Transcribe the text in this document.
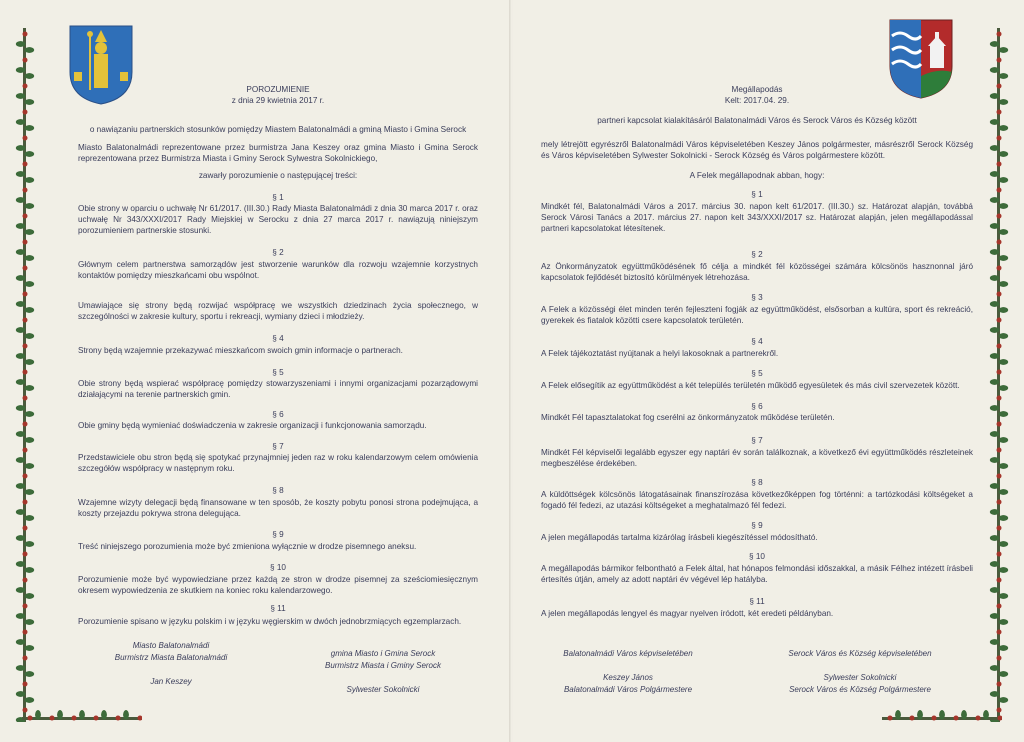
POROZUMIENIE

z dnia 29 kwietnia 2017 r.

o nawiązaniu partnerskich stosunków pomiędzy Miastem Balatonalmádi a gminą Miasto i Gmina Serock

Miasto Balatonalmádi reprezentowane przez burmistrza Jana Keszey oraz gmina Miasto i Gmina Serock reprezentowana przez Burmistrza Miasta i Gminy Serock Sylwestra Sokolnickiego,

zawarły porozumienie o następującej treści:

§ 1

Obie strony w oparciu o uchwałę Nr 61/2017. (III.30.) Rady Miasta Balatonalmádi z dnia 30 marca 2017 r. oraz uchwałę Nr 343/XXXI/2017 Rady Miejskiej w Serocku z dnia 27 marca 2017 r. nawiązują niniejszym porozumieniem partnerskie stosunki.

§ 2

Głównym celem partnerstwa samorządów jest stworzenie warunków dla rozwoju wzajemnie korzystnych kontaktów pomiędzy mieszkańcami obu wspólnot.

Umawiające się strony będą rozwijać współpracę we wszystkich dziedzinach życia społecznego, w szczególności w zakresie kultury, sportu i rekreacji, wymiany dzieci i młodzieży.

§ 4

Strony będą wzajemnie przekazywać mieszkańcom swoich gmin informacje o partnerach.

§ 5

Obie strony będą wspierać współpracę pomiędzy stowarzyszeniami i innymi organizacjami pozarządowymi działającymi na terenie partnerskich gmin.

§ 6

Obie gminy będą wymieniać doświadczenia w zakresie organizacji i funkcjonowania samorządu.

§ 7

Przedstawiciele obu stron będą się spotykać przynajmniej jeden raz w roku kalendarzowym celem omówienia szczegółów współpracy w następnym roku.

§ 8

Wzajemne wizyty delegacji będą finansowane w ten sposób, że koszty pobytu ponosi strona podejmująca, a koszty przejazdu pokrywa strona delegująca.

§ 9

Treść niniejszego porozumienia może być zmieniona wyłącznie w drodze pisemnego aneksu.

§ 10

Porozumienie może być wypowiedziane przez każdą ze stron w drodze pisemnej za sześciomiesięcznym okresem wypowiedzenia ze skutkiem na koniec roku kalendarzowego.

§ 11

Porozumienie spisano w języku polskim i w języku węgierskim w dwóch jednobrzmiących egzemplarzach.

Miasto Balatonalmádi
Burmistrz Miasta Balatonalmádi

Jan Keszey
gmina Miasto i Gmina Serock
Burmistrz Miasta i Gminy Serock

Sylwester Sokolnicki

Megállapodás

Kelt: 2017.04. 29.

partneri kapcsolat kialakításáról Balatonalmádi Város és Serock Város és Község között

mely létrejött egyrészről Balatonalmádi Város képviseletében Keszey János polgármester, másrészről Serock Község és Város képviseletében Sylwester Sokolnicki - Serock Község és Város polgármestere között.

A Felek megállapodnak abban, hogy:

§ 1

Mindkét fél, Balatonalmádi Város a 2017. március 30. napon kelt 61/2017. (III.30.) sz. Határozat alapján, továbbá Serock Városi Tanács a 2017. március 27. napon kelt 343/XXXI/2017 sz. Határozat alapján, jelen megállapodással partneri kapcsolatokat létesítenek.

§ 2

Az Önkormányzatok együttműködésének fő célja a mindkét fél közösségei számára kölcsönös hasznonnal járó kapcsolatok fejlődését biztosító körülmények létrehozása.

§ 3

A Felek a közösségi élet minden terén fejleszteni fogják az együttműködést, elsősorban a kultúra, sport és rekreáció, gyerekek és fiatalok közötti csere kapcsolatok területén.

§ 4

A Felek tájékoztatást nyújtanak a helyi lakosoknak a partnerekről.

§ 5

A Felek elősegítik az együttműködést a két település területén működő egyesületek és más civil szervezetek között.

§ 6

Mindkét Fél tapasztalatokat fog cserélni az önkormányzatok működése területén.

§ 7

Mindkét Fél képviselői legalább egyszer egy naptári év során találkoznak, a következő évi együttműködés részleteinek megbeszélése érdekében.

§ 8

A küldöttségek kölcsönös látogatásainak finanszírozása következőképpen fog történni: a tartózkodási költségeket a fogadó fél fedezi, az utazási költségeket a meghatalmazó fél fedezi.

§ 9

A jelen megállapodás tartalma kizárólag írásbeli kiegészítéssel módosítható.

§ 10

A megállapodás bármikor felbontható a Felek által, hat hónapos felmondási időszakkal, a másik Félhez intézett írásbeli értesítés útján, amely az adott naptári év végével lép hatályba.

§ 11

A jelen megállapodás lengyel és magyar nyelven íródott, két eredeti példányban.

Balatonalmádi Város képviseletében

Keszey János
Balatonalmádi Város Polgármestere
Serock Város és Község képviseletében

Sylwester Sokolnicki
Serock Város és Község Polgármestere
